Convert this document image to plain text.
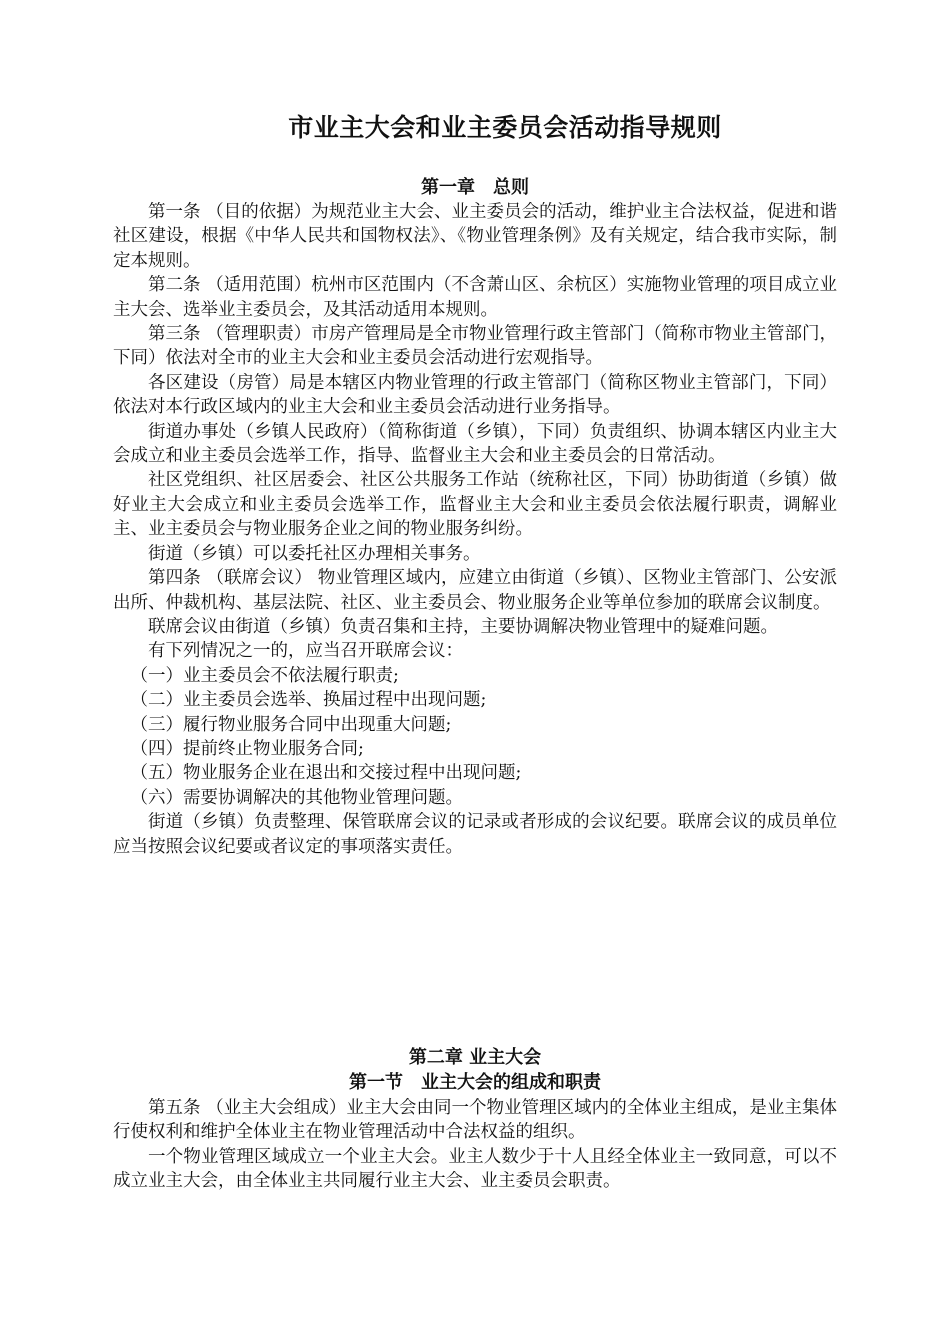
市业主大会和业主委员会活动指导规则
第一章　总则

第一条 （目的依据）为规范业主大会、业主委员会的活动，维护业主合法权益，促进和谐社区建设，根据《中华人民共和国物权法》、《物业管理条例》及有关规定，结合我市实际，制定本规则。

第二条 （适用范围）杭州市区范围内（不含萧山区、余杭区）实施物业管理的项目成立业主大会、选举业主委员会，及其活动适用本规则。

第三条 （管理职责）市房产管理局是全市物业管理行政主管部门（简称市物业主管部门，下同）依法对全市的业主大会和业主委员会活动进行宏观指导。

各区建设（房管）局是本辖区内物业管理的行政主管部门（简称区物业主管部门，下同）依法对本行政区域内的业主大会和业主委员会活动进行业务指导。

街道办事处（乡镇人民政府）（简称街道（乡镇），下同）负责组织、协调本辖区内业主大会成立和业主委员会选举工作，指导、监督业主大会和业主委员会的日常活动。

社区党组织、社区居委会、社区公共服务工作站（统称社区，下同）协助街道（乡镇）做好业主大会成立和业主委员会选举工作，监督业主大会和业主委员会依法履行职责，调解业主、业主委员会与物业服务企业之间的物业服务纠纷。

街道（乡镇）可以委托社区办理相关事务。

第四条 （联席会议） 物业管理区域内，应建立由街道（乡镇）、区物业主管部门、公安派出所、仲裁机构、基层法院、社区、业主委员会、物业服务企业等单位参加的联席会议制度。

联席会议由街道（乡镇）负责召集和主持，主要协调解决物业管理中的疑难问题。

有下列情况之一的，应当召开联席会议：

（一）业主委员会不依法履行职责;

（二）业主委员会选举、换届过程中出现问题;

（三）履行物业服务合同中出现重大问题;

（四）提前终止物业服务合同;

（五）物业服务企业在退出和交接过程中出现问题;

（六）需要协调解决的其他物业管理问题。

街道（乡镇）负责整理、保管联席会议的记录或者形成的会议纪要。联席会议的成员单位应当按照会议纪要或者议定的事项落实责任。

第二章 业主大会
第一节　业主大会的组成和职责

第五条 （业主大会组成）业主大会由同一个物业管理区域内的全体业主组成，是业主集体行使权利和维护全体业主在物业管理活动中合法权益的组织。

一个物业管理区域成立一个业主大会。业主人数少于十人且经全体业主一致同意，可以不成立业主大会，由全体业主共同履行业主大会、业主委员会职责。
